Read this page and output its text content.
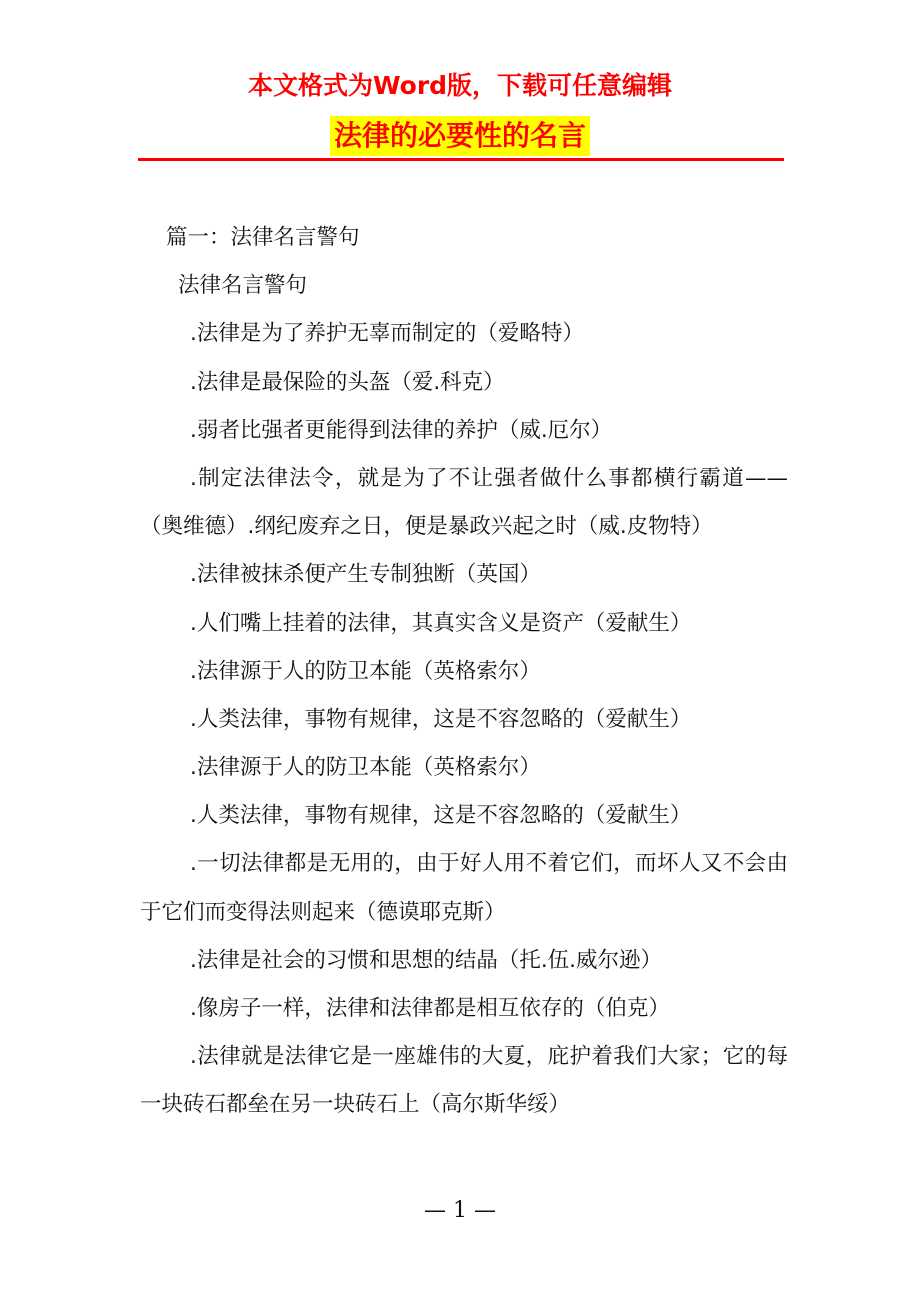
本文格式为Word版，下载可任意编辑
法律的必要性的名言
篇一：法律名言警句
法律名言警句
.法律是为了养护无辜而制定的（爱略特）
.法律是最保险的头盔（爱.科克）
.弱者比强者更能得到法律的养护（威.厄尔）
.制定法律法令，就是为了不让强者做什么事都横行霸道——（奥维德）.纲纪废弃之日，便是暴政兴起之时（威.皮物特）
.法律被抹杀便产生专制独断（英国）
.人们嘴上挂着的法律，其真实含义是资产（爱献生）
.法律源于人的防卫本能（英格索尔）
.人类法律，事物有规律，这是不容忽略的（爱献生）
.法律源于人的防卫本能（英格索尔）
.人类法律，事物有规律，这是不容忽略的（爱献生）
.一切法律都是无用的，由于好人用不着它们，而坏人又不会由于它们而变得法则起来（德谟耶克斯）
.法律是社会的习惯和思想的结晶（托.伍.威尔逊）
.像房子一样，法律和法律都是相互依存的（伯克）
.法律就是法律它是一座雄伟的大夏，庇护着我们大家；它的每一块砖石都垒在另一块砖石上（高尔斯华绥）
— 1 —
